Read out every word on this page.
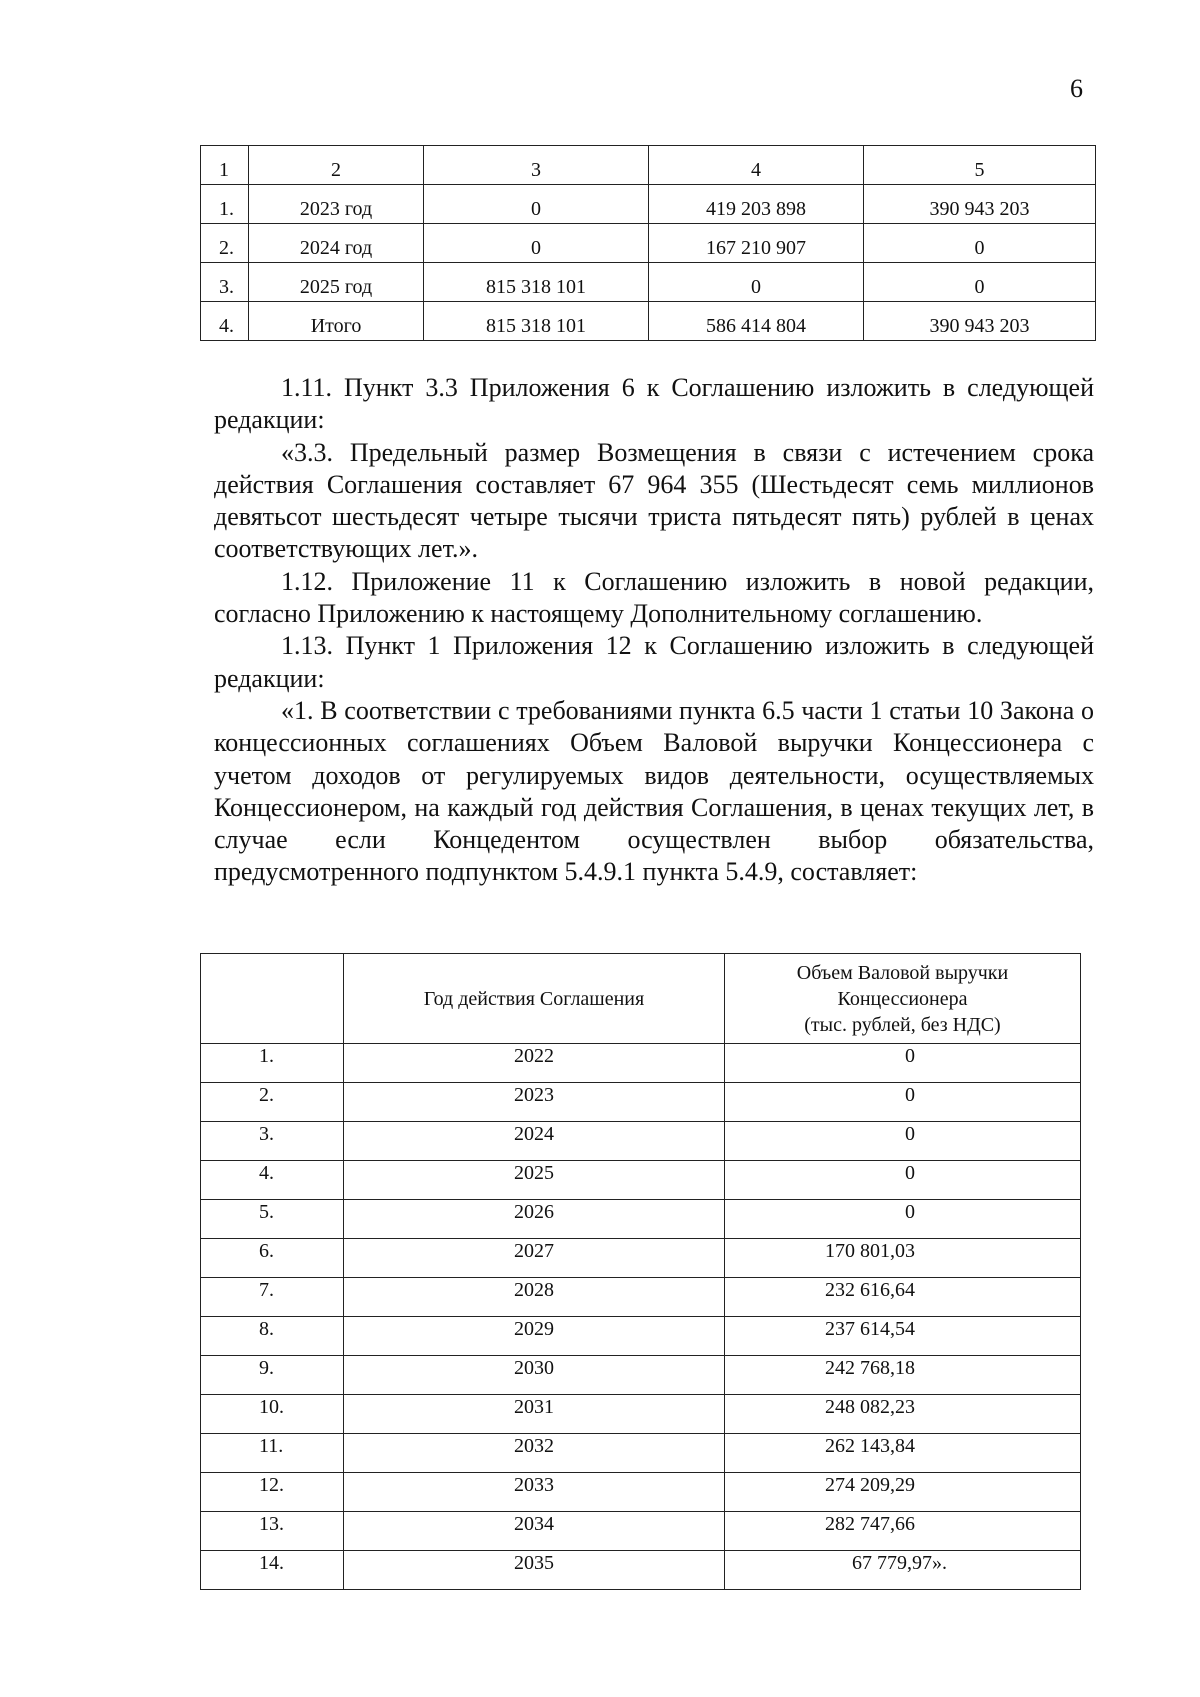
6
1	2	3	4	5
1.	2023 год	0	419 203 898	390 943 203
2.	2024 год	0	167 210 907	0
3.	2025 год	815 318 101	0	0
4.	Итого	815 318 101	586 414 804	390 943 203

1.11. Пункт 3.3 Приложения 6 к Соглашению изложить в следующей редакции:

«3.3. Предельный размер Возмещения в связи с истечением срока действия Соглашения составляет 67 964 355 (Шестьдесят семь миллионов девятьсот шестьдесят четыре тысячи триста пятьдесят пять) рублей в ценах соответствующих лет.».

1.12. Приложение 11 к Соглашению изложить в новой редакции, согласно Приложению к настоящему Дополнительному соглашению.

1.13. Пункт 1 Приложения 12 к Соглашению изложить в следующей редакции:

«1. В соответствии с требованиями пункта 6.5 части 1 статьи 10 Закона о концессионных соглашениях Объем Валовой выручки Концессионера с учетом доходов от регулируемых видов деятельности, осуществляемых Концессионером, на каждый год действия Соглашения, в ценах текущих лет, в случае если Концедентом осуществлен выбор обязательства, предусмотренного подпунктом 5.4.9.1 пункта 5.4.9, составляет:

	Год действия Соглашения	Объем Валовой выручки
Концессионера
(тыс. рублей, без НДС)

1.	2022	0
2.	2023	0
3.	2024	0
4.	2025	0
5.	2026	0
6.	2027	170 801,03
7.	2028	232 616,64
8.	2029	237 614,54
9.	2030	242 768,18
10.	2031	248 082,23
11.	2032	262 143,84
12.	2033	274 209,29
13.	2034	282 747,66
14.	2035	67 779,97».
